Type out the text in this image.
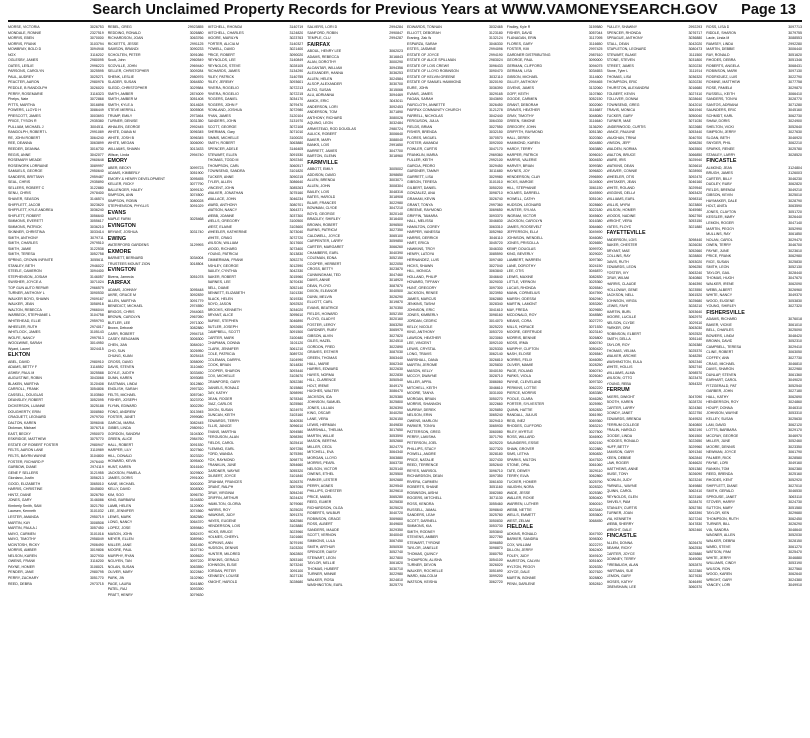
Search Unclaimed Property Records for Previous Years at WWW.VAMONEYSEARCH.GOV Page 13
MORSE, VICTORIA	3026753
MONDALE, RONNIE	2327519
MORRIS, EBEN	3070000
MORRIS, FRANK	3103794
MOWBRAY, BOLD D	3094948
NOX	3116202
OGLESBY, JAMES	2980095
OATES, LESLIE	2996223
PARSONS, CAROLYN	3025595
PAUL, AUDREY	3025271
PEACTER, AARON	2980976
PEDDLE, B RANDOLPH	3026020
PERRY, ROSEMARIE	3116323
Phelps, Nate	3072868
PITTS, MARTHA	3016898
POWERS, LLOYD H	3086449
PRESCOTT, JAMES	3003693
PRICE, TYSON R	2935380
PULLIAM, MICHAEL J	3004511
RANDOLPH, ROBERT L	2991089
RE, JOHN ROBERT	3064240
REE, DEANNA	3063899
REEDER, DEANNA	3016730
REGIS, ANNE	3042077
ROSEMARY MEADE	2960648
ROSEWORK LORRAINE	3089997
SAMUELS, GEORGE	2950640
SANDERS, BRITTANY	2959487
SEAL, CHRIS	2935890
SELLERS, ROBERT C	3122880
SENU, CHRIS	2978400
SHAVER, SEASON	3146574
SHIFFLETT, JACOB	3023620
SHIFFLETT, KYLE ANDREA	3036240
SHIFLETT, ROBERT	3056640
SIMMONS, EVERETT	3055617
SIMMONS, PATRICK	3036210
SKINNER, CHRISTINA	3033414
SMITH, ANTHONY	3079711
SMITH, CHARLES	2979510
SMITH, JAMIE	3122538
SMITH, TERESA	3052758
SPRING, CROWN INFINITE	3055611
STANLEY, BETH	2946022
STEELE, CAMERON	3094400
STEPHENSON, JOSIAH	3146057
SWISHER, JOYCE A	3071024
TOP GUN AUTO REPAIR	2966579
TURNER, ANTHONY L	3090530
WALKER BOYD, SHAWN	2909167
WALKER, JEAN	3058916
WALTON, REBECCA	2966044
WARBECK, STEPHANIE L	3104758
WHITEHEAD, ELLIE	2959793
WHEELER, RUTH	2974017
WHITLOCK, JAMES	3105143
WOLFE, NANCY	2997513
WOOLWINE, SARAH	3014950
Wyant, Laurel	3024415
ELKTON
ABEL, DAVID	2980910
ADAMS, BETTY F	3116552
ASHBY, PAUL M	3025588
AUGUSTINE, ROBIN	3043068
BLAKEN, MARTHA	3120408
CARROLL, FRANK	3054806
CASSELL, DOUGLAS	3103560
DEANSLEY, ROBERT	3052095
DICKERSON, LUANNE	3025188
DOUGHERTY, ERIN	3008560
CRAGUETT, LEONARD	2979700
DALTON, KAREN	3096046
Dickman, Michael	3076718
EAST, BECKY	2950070
ESKRIDGE, MATTHEW	3075770
ESTATE OF ROBERT FOSTER	2980947
FELTS, AARON LANE	3110989
FELTS, BAYRN WAYNE	3104800
FOSTER, RICHARD P	2976440
GARBOW, DIANE	2974119
GENE F SELLERS	3121955
Giordano, Justin	3056213
GOOD, ELIZABETH	3065010
HARRIS, CHRISTINE	3045800
HINTZ, DIANE	3026750
JONES, GARY	3146086
Kimberly Smith, SAM	3021750
Laursen, Kenneth	3101032
LESTER, AMANDA	2950719
MARTIN, KAY	3008508
MARTIN, PAULA J	3057450
MAYO, CARMEN	3101016
MAYO, TIMOTHY	2958049
MCINTOSH, RICKY	2906490
MORRIS, AMBER	3019806
NELSON, KAREN	3027930
OWENS, FRANK	3116200
PAYNE, HOMER	3108021
PENDER, JANE	2980795
PERRY, ZACHARY	3051770
REED, DEBRA	2973715
REBEL, GREG	29923855
REDDING, RONALD	3026880
RICHARDSON, JOAN	3063766
RICKETTS, JESSE	2991125
SAMSON, BRANDI	3090233
SCHOLTEN, PETER	3091086
Scott, John	2960549
SCOVILLE, JOHN	2969440
SELLER, CHRISTOPHER	3009284
SHENK, LESLIE	2980976
SLADER, SUSAN	3064830
SLEDD, CHRISTOPHER	3029584
SMITH, AMBER	2874009
SMITH, AMBER M	3051408
SMITH, KYLE A	3014628
STEVE MERRILL	3005508
TRUMP, EMILY	2973464
TURNER, DENISE	3031350
WHALEN, GEORGE	2992445
WHITE, DIANA M	3096345
WHITE, JOSH B	3096345
WHITE, MEGAN	3006090
WILLIAMS, SHAWN	3013433
Wilson, Linda	2994740
EMORY
ABER, BECKY	3099723
ADAMS, KIMBERLY	3051900
EMORY & HENRY DEVELOPMENT	3095455
KELLER, RICKY	3077790
BALLENGER, HALEY	3099130
SIMPSON, ANN	3074500
SIMPSON, ROBIN	3080028
STEPHENSON, PHYLLIS	3091029
EVANS
MAPLE FARM	3025468
EVINGTON
BRYANT, JOSHUA	3031740
EWING
WATERFORD GARDENS	3129993
EXMORE
BARNETT, BERNARD	3034004
TRUSTEES MOUNT ZION	3018504
EVINGTON
Bivens, Jamecia	3051078
FAIRFAX
ADAMS, JOHNNY	3095448
AKRE, GRACE M	3092839
ALLEN, MARTHA	3091779
BENEDICT, MICHAEL	2974550
BRIGGS, CHRIS	2944063
BROWN, CAROLYN	2967050
BUTLER, LEE	2971300
Brown, Deborah	3082880
CARR, ROBERT	2994718
CASEY, BENJAMIN	3006300
CHEN, JIAN	3084010
CHO, SUN	3026950
CHUNG, KUAN	3025418
CROSS, DAVID	3058090
DAVIS, STEVEN	3110460
DOYLE, JUDITH	3033450
DUNN, KAREN	3093085
EASTMAN, LINDA	3012860
ENGLISH, SARAH	2997320
FELTS, MICHAEL	3057040
FISHER, JOSEPH	3023700
FLYNN, EDWARD	3002250
FONG, ANDREW	3013945
FOSTER, JANET	2999080
GARCIA, MARIA	3082445
GIBBS, LINDA	2980910
GORDON, SANDRA	3104300
GREEN, ALICE	2984760
HALL, ROBERT	3091530
HARPER, LILY	3027560
HILL, DONALD	3023320
HOWARD, KEVIN	3095400
HUNT, KAREN	3016160
JACKSON, PAMELA	3029500
JAMES, DORIS	2991000
KANE, MICHAEL	3000200
KELLY, DAVID	3008300
KIM, SOO	3096730
KING, BARBARA	3104830
LAMB, HELEN	3120900
LEE, JENNIFER	3074560
LEWIS, MARK	3082580
LONG, NANCY	3064370
LOPEZ, JOSE	3059840
MASON, JOHN	3052470
MEYER, ELLEN	3089940
MILLER, JANE	3061450
MOORE, PAUL	3107740
MURPHY, RYAN	3005620
NGUYEN, TAN	3097220
NOLAN, SUSAN	3063550
OLIVER, MARY	3022840
PARK, JIN	3102960
PAGE, LAURA	3041880
PATEL, RAJ	3093390
PRATT, HENRY	3079630
MITCHELL, RHONDA	3140719
MITCHELL, CHARLES	3124820
MOORE, MARILYN	3023763
PORTER, ALICIA M	3140327
POWELL, DAVID	3021400
PRICE, ROBERT	3090020
REYNOLDS, LEE	3140849
REYNOLDS, STEVE	3028105
RICHARDS, JAMES	3134290
RILEY, PATRICK	3140755
RILEY, JEREMY	3093601
RIVERA, ROGELIO	3072213
RIVERA, ROGELIO	3072215
ROGERS, DANIEL	3034170
ROGERS, JOHN F	3079470
ROWLAND, JOSHUA	3072980
RYAN, JAMES	3120104
SANDERS, JOHN	3131970
SCOTT, GEORGE	3072108
SHERMAN, Gary	3071010
SIMMS, MICHELLE	3100020
SMITH, ROBERT	3063880
SPENCER, ADELE	3146405
STEWART, ELLEN	3091530
THOMAS, TODD M	3092340
THOMPSON, CARL	3060517
TOWNSEND, SANDRA	3101820
TUCKER, ANNE	3090215
TYLER, ALLEN	3086640
VINCENT, JOHN	3085263
WALKER, JONATHAN	3075160
WALLACE, JOHN	3046234
WARD, ANTHONY	3080701
WATSON, NANCY	3064371
WEBB, JOANNE	3037300
WELLS, GREGORY	3100500
WEST, ELAINE	3103600
WHEELER, KATHERINE	3073040
WHITE, CRAIG	3072720
WILSON, WILLIAM	3017600
WOOD, RICHARD	3073400
YOUNG, PATRICIA	3013830
ZIMMERMAN, FRANK	3052270
ASHLEY, GEORGE	3012590
BAILEY, CYNTHIA	3042330
BAKER, ROBERT	3015960
BARNES, LEE	3070430
BELL, DIANE	3052140
BENNETT, ELIZABETH	3101330
BLACK, HELEN	3019330
BOYD, JASON	3092520
BROOKS, KENNETH	3034020
BRYANT, ALICE	3095610
BURKE, STEPHEN	3046890
BUTLER, JOSEPH	3092650
CAMPBELL, SCOTT	3091500
CARTER, MARK	3100480
CHAPMAN, DONNA	3101120
CLARK, JENNIFER	3061210
COLE, PATRICIA	3089720
COLEMAN, DARRYL	3104990
COOK, BRIAN	3014830
COOPER, SHARON	3093440
COX, MICHELLE	3103670
CRAWFORD, GARY	3052280
DANIELS, RONALD	3015860
DAY, KATHY	3098990
DEAN, ROGER	3078340
DIAZ, CARLOS	3025560
DIXON, SUSAN	3024970
DUNCAN, KEITH	3103160
EDWARDS, TERRY	3040530
ELLIS, JANICE	3096610
EVANS, MARTHA	3094580
FERGUSON, ALAN	3098390
FIELDS, CAROL	3025410
FLEMING, EARL	3097250
FORD, WANDA	3075390
FOX, RAYMOND	3098770
FRANKLIN, JUNE	3054660
GARDNER, WAYNE	3055320
GILBERT, JOYCE	3101840
GRAHAM, FRANCES	3026370
GRANT, RALPH	3057050
GRAY, VIRGINIA	3054240
GRIFFIN, ARTHUR	3024420
HAMILTON, GLORIA	3079060
HARRIS, ROY	3025020
HAWKINS, JUDY	3091370
HAYES, EUGENE	3082580
HENDERSON, LOIS	3103880
HICKS, BRUCE	3023960
HOLMES, CHERYL	3101660
HOPKINS, ANN	3079190
HUDSON, DENNIS	3103200
HUNTER, MILDRED	3062800
JENKINS, GERALD	3053160
JOHNSON, ELSIE	3073240
JORDAN, PETER	3091100
KENNEDY, LOUISE	3027130
KNIGHT, HAROLD	3028680
SALVERS, LORI D	2994284
SANFORD, ROBIN	2990847
TEMPLE, CLU	2994287
FAIRFAX
ABOUL, HENRY LEE	3062023
ADAMS, REBECCA	3016843
ALAN, DOROTHY	3000290
ALCANTAR, WILLIAM	3094356
ALEXANDER, HANNA	3036253
ALLEN, HELEN	3024584
ALSOP, ALEXANDER	3030700
ALTIG, SUSAN	3015066
ALU, ADRIANNA	3094469
AMICK, ERIC	3043011
ANDERSON, LORI	3092453
ANDERSON, TOM	3071890
ANTHONY, RICHARD	3080026
AQUINO, LEON	3032484
ARMISTEAD, ROD DOUGLAS	2980724
AULICK, ROBERT	3006640
BAKER, MARY	3088040
BANKS, LOIS	2991650
BARRETT, JAMES	3047700
BARTON, GLENN	3018960
FARMVILLE
ABBOTT, EMILY	3005002
ADDISON, DAVID	3098650
ALLEN, BRENDA	3003071
ALLEN, JOHN	3008304
BAILEY, LOIS	3048316
BATES, HAROLD	3018908
BLAIR, FRANCES	3022980
BOWMAN, CLYDE	3047210
BOYD, GEORGE	3020140
BRADLEY, SHIRLEY	3016400
BROWN, ROBERT	3096500
BURNS, PATRICIA	3027350
CALDWELL, JOYCE	3065100
CARPENTER, LARRY	3059850
CARTER, MARGARET	3066260
CHAMBERS, EARL	3040390
COLEMAN, EDNA	3052150
COOPER, HERBERT	3022050
CROSS, BETTY	3023870
CUNNINGHAM, TED	3047460
DAVIS, ANNIE	3018920
DEAN, FLOYD	3087870
DIXON, ELEANOR	3040500
DUNN, MELVIN	3026290
ELLIOTT, CARL	3019870
EVANS, BEATRICE	3070350
FIELDS, HOWARD	3052150
FLOYD, GLADYS	3020160
FOSTER, LEROY	3063250
GARDNER, RUBY	3065970
GIBSON, ALVIN	3027820
GILES, HAZEL	3024510
GORDON, FRED	3022890
GRAVES, ESTHER	3087030
GREEN, THOMAS	3063440
HALL, MARIE	3062340
HARRIS, EDWARD	3022630
HAYES, NORMA	3022830
HILL, CLARENCE	3050540
HOLT, IRENE	3049170
HUGHES, WALTER	3086470
JACKSON, IDA	3025380
JOHNSON, SAMUEL	3025800
JONES, LILLIAN	3026390
KING, OSCAR	3040250
LANE, VERA	3026150
LEWIS, HERMAN	3049830
MARSHALL, THELMA	3017650
MARTIN, WILLIE	3053590
MASON, BERTHA	3052660
MILLER, CECIL	3024770
MITCHELL, EVA	3064340
MORGAN, LLOYD	3063880
MORRIS, PEARL	3063730
NELSON, VICTOR	3025140
OWENS, ETHEL	3025500
PARKER, LESTER	3092680
PERRY, AGNES	3029540
PHILLIPS, CHESTER	3029610
PRICE, MABEL	3065280
REED, ELMER	3025830
RICHARDSON, OLGA	3025020
ROBERTS, WILBUR	3040720
ROBINSON, GRACE	3069660
ROSS, ALBERT	3049600
SANDERS, MAUDE	3029350
SCOTT, VERNON	3040040
SIMMONS, LULA	3067450
SMITH, ARTHUR	3050530
SPENCER, DAISY	3052740
STEWART, LEON	3027800
TAYLOR, NELLIE	3061820
THOMAS, HUBERT	3030710
TURNER, MINNIE	3022980
WALKER, ROSA	3024810
WASHINGTON, EARL	3025770
EDWARDS, TONNAN	3032465
ELLIOTT, DEBORAH	3123180
Eraning, Zak W	3132124
ESPARZA, SARAH	3046330
ESTES, JASMINE	2994096
ESTATE OF JOYCE	2994190
ESTATE OF ALICE SPILLMAN	2983024
ESTATE OF LOIS CREWS	3096433
ESTATE OF LLOYD ROBINSON	3090470
ESTATE OF KELVIN GREENE	3032110
ESTATE OF SAMUEL HAMMOND	3020190
EURE, JOHN	3036390
EVANS, JAMES	3029165
FAGAN, SARAH	3043690
FAIRCLOTH, ANNETTE	3026450
FAIRFAX COMMUNITY CHURCH	3121278
FARRELL, NICHOLAS	3042440
FERGUSON, JULIA	3064330
FIELDS, BRIAN	3027550
FISHER, BRENDA	3032150
FLORES, MIGUEL	3070570
FOSTER, AMANDA	3092000
FOWLER, CURTIS	3047170
FRANKLIN, MARIA	2969360
FULLER, KEITH	2992100
GARCIA, PEDRO	3029450
GARDNER, TAMMY	3011680
GARRETT, LISA	3029980
GIBSON, TERESA	3101010
GILBERT, DANIEL	3050200
GONZALEZ, ANA	3098710
GRAHAM, KEVIN	3026740
GRANT, TONYA	2997360
GREENE, RAYMOND	3069650
GRIFFIN, TAMARA	3093370
HALL, MELISSA	3046830
HAMILTON, COREY	3063310
HARPER, VANESSA	3052960
HARRIS, DERRICK	3046110
HART, ERICA	3045720
HAWKINS, TROY	3046330
HENRY, LATOYA	3085590
HERNANDEZ, LUIS	3097480
HICKS, SHAWN	3027040
HILL, MONICA	3063840
HOLLAND, PHILIP	3046640
HOWARD, TIFFANY	3029030
HUNT, GREGORY	3097300
JACKSON, RENEE	3023950
JAMES, MARCUS	3062880
JENKINS, TASHA	3028340
JOHNSON, ERIC	3041610
JONES, KIMBERLY	3098160
JORDAN, CEDRIC	3014070
KELLY, NICOLE	3025220
KING, ANTHONY	3053720
LAWSON, HEATHER	3023060
LEE, VINCENT	3092100
LEWIS, CRYSTAL	3025330
LONG, TRAVIS	3062140
MARSHALL, DANA	3026810
MARTIN, JEROME	3025830
MASON, KELLY	3040150
MCCOY, DWAYNE	3028710
MILLER, APRIL	3086060
MITCHELL, KEITH	3046610
MOORE, TANYA	3031000
MORGAN, BRIAN	3050270
MORRIS, SHANNON	3022660
MURRAY, DEREK	3025850
NELSON, ERIN	3065240
OWENS, MARLON	3029410
PARKER, TONYA	3065930
PATTERSON, GREG	3060080
PERRY, LAKISHA	3071790
PETERSON, JOEL	3025220
PHILLIPS, STACY	3027320
POWELL, ANDRE	3028180
PRICE, NATALIE	3027430
REED, TERRENCE	3052640
REYES, MARISOL	3096710
RICHARDSON, DEAN	3097350
RIVERA, CARMEN	3061630
ROBERTS, SHANE	3051160
ROBINSON, AISHA	3082080
ROGERS, MITCHELL	3071130
ROSS, KENDRA	3055460
RUSSELL, JAMAL	3098640
SANDERS, LEAH	3025780
SCOTT, DARNELL	3050830
SIMMONS, KIA	3053730
SMITH, RODNEY	3053840
STEVENS, AMBER	3027780
STEWART, TYRONE	3096850
TAYLOR, JANELLE	3098870
THOMAS, QUINCY	3080750
THOMPSON, ALISHA	3054100
TURNER, DEVON	3026020
WALKER, ROCHELLE	3051690
WARD, MALCOLM	3099200
WATSON, KEISHA	3062720
Findley, Kyle R	3159580
FISHER, DAVID	3057044
FLANAGAN, ERIN	3117095
FLORES, GARY	3116650
FOSTER, KIM	2997425
GARDNER DISTRIBUTING	2987610
GEORGE, PAUL	3090000
GERMAN, CLIFFORD	3094075
GERMAN, LISA	3034653
GIBSON, MICHAEL	3114600
GILLEY, ANTHONY	2994465
GIVENS, JAMES	3132060
GOFF, KEITH	3107860
GOODE, CARMEN	3052150
GRANT, DEBORAH	3002060
GRAVES, HEATHER	3116687
GRAY, TIMOTHY	3048080
GREEN, SIMONE	3116640
GREGORY, JOHN	3136290
GRIFFITH, RAYMOND	3051380
HALL, DEREK	3020360
HAMMOND, KAREN	3004850
HARDY, TERRY	3063880
HARPER, PATRICK	3096010
HARRIS, VALERIE	3004630
HARVEY, BRIAN	3099380
HAYNES, JOY	3096820
HENDERSON, CLAY	2996590
HICKS, MARGIE	3104500
HILL, STEPHANIE	3061150
HOLMES, DARRELL	3045590
HOWELL, CATHY	3051040
HUDSON, LEONARD	3028660
HUNTER, SYLVIA	3022180
INGRAM, VICTOR	3045600
JACKSON, CAROLYN	3016380
JAMES, ROOSEVELT	3064660
JEFFERSON, ELLA	3049490
JOHNSON, WENDELL	3046080
JONES, PRISCILLA	3026650
KEMP, DOUGLAS	3099700
KING, BEVERLY	3029020
LAMBERT, WARREN	3097360
LANE, DOROTHY	3024150
LEE, OTIS	3046870
LEWIS, MAXINE	3082830
LITTLE, VERNON	3025360
LUCAS, RHONDA	3026540
MANN, CORNELIUS	3047590
MARSH, ODESSA	3062940
MARTIN, LAMONT	3053260
MAY, FREDA	3029650
MCDONALD, ROY	3048580
MEANS, CORA	3027270
MILLS, HORACE	3071530
MOORE, GERTRUDE	3023140
MORRIS, BENNIE	3026800
MOSS, IRMA	3060740
MURPHY, CLIFTON	3050420
NASH, ELOISE	3026540
NORRIS, FELIX	3046050
OLIVER, MAMIE	3028250
PAGE, ROLAND	3060740
PARKS, VIOLA	3026040
PAYNE, CLEVELAND	3097320
PERKINS, LOTTIE	3062220
PIERCE, MORRIS	3083380
POOLE, CLARA	3046280
PORTER, SYLVESTER	3025950
QUINN, HATTIE	3052830
RANDALL, JULIUS	3061950
REID, INEZ	3069360
RHODES, CLIFFORD	3063210
RILEY, MYRTLE	3027500
ROSS, WILLARD	3046900
SAUNDERS, ESSIE	3052150
SHAW, GROVER	3022880
SIMS, LETHA	3050830
SPARKS, MILTON	3047520
STONE, OPAL	3061060
TATE, DEWEY	3029110
TERRY, ELVA	3062860
TUCKER, HOMER	3025790
VAUGHN, NORA	3028320
WADE, JESSE	3025380
WALLER, ROXIE	3050400
WARREN, LUTHER	3060010
WEBB, NETTIE	3023440
WELLS, EMMETT	3053600
WEST, ZELMA	3068450
FIELDALE
ADKINS, RONALD	3047920
BARKER, SANDRA	3098300
COX, WILLIAM	3022270
DILLON, JERRY	3062400
FOLEY, JUDY	3049100
HAIRSTON, CALVIN	3051600
HYLTON, PEGGY	3026330
JOYCE, DALE	3027620
MARTIN, BONNIE	3028800
PENN, DARLENE	3052810
PULLEY, SHAWNY	2992293
SPENCER, RHONDA	3076717
SPRAGUE, ANTHONY	3036880
STALL, DEAN	3042020
STAPLETON, LEONARD	3080473
STEWART, BLAKE	3111500
STONE, STEVEN	3031800
STREET, JAMES	3020230
Stone, Tyler L	3111914
THOMAS, LISA	3036320
THOMPSON, ERIC	3020230
THURSTON, ALEXANDRA	3016680
TOLBERT, KEVIN	3027410
TOLLIVER, DONNA	3028640
TOWNSEND, GREG	3042010
TRAVIS, MONICA	3061940
TUCKER, GARY	3050040
TURNER, MAE	3071030
UNDERWOOD, CURTIS	3022680
VANCE, PAULINE	3053440
VAUGHAN, TRINA	3040700
VINSON, JEFF	3098250
WALDEN, NORMA	3063500
WALTON, BRUCE	3066850
WARE, IRIS	3025940
WATKINS, DEAN	3026610
WEAVER, CONNIE	3028900
WHEELER, OTIS	3092470
WHITAKER, JEAN	3046160
WHITE, ROLAND	3029540
WIGGINS, DELLA	3063420
WILLIAMS, EARL	3098310
WILLIS, MYRA	3023800
WILSON, HOMER	3045980
WOODS, NADINE	3062760
WRIGHT, VERA	3053150
YATES, FLOYD	3021880
FAYETTEVILLE
ANDERSON, LOIS	3098440
BAKER, CHESTER	3026030
BRYANT, MAE	3052660
COLLINS, RAY	3028800
DAVIS, RUTH	3053020
EDWARDS, LEON	3096250
FOSTER, IVY	3063240
GRAY, WILMA	3040860
HARRIS, CLAUDE	3046390
HOLLOWAY, GENE	3023550
JACKSON, NELL	3061520
JOHNSON, VIRGIL	3025680
LEWIS, FAYE	3028210
MARTIN, BURL	3053640
MOORE, LUCILLE	3062970
NELSON, CLYDE	3029110
PARKER, ORA	3063030
ROBINSON, ELBERT	3092520
SMITH, DELLA	3051140
TAYLOR, ROY	3026380
THOMAS, VELMA	3025370
WALKER, ARCHIE	3048250
WASHINGTON, EULA	3052340
WHITE, HOLLIS	3052740
WILLIAMS, ALMA	3098570
WILSON, OTTO	3023470
YOUNG, REBA	3054320
FERRUM
AKERS, DWIGHT	3047090
BOOTH, KAREN	3028720
CARTER, LARRY	3024360
DOWDY, JANET	3022750
EDWARDS, BRENDA	3049520
FERRUM COLLEGE	3040800
FRALIN, HAROLD	3052190
GOODE, LINDA	3061500
HODGES, RONALD	3022650
HUFF, BETTY	3029960
JAMISON, GARY	3091340
KEEN, DEBBIE	3062840
LAW, ROGER	3046620
MATTHEWS, ANNE	3051380
MUSE, TONY	3026090
NOWLIN, JUDY	3023240
PARNELL, WAYNE	3049880
QUINN, CAROL	3062410
REYNOLDS, GLEN	3023160
SHIVELY, PAM	3028470
STANLEY, CURTIS	3052780
TURNER, JOAN	3063390
VIA, KENNETH	3027240
WEBB, SHERRY	3047830
WRIGHT, DALE	3052460
FINCASTLE
ALLEN, DONNA	3026470
BEAHM, RICKY	3062530
CARTER, JOYCE	3025880
DOWNEY, TERRY	3049050
FIREBAUGH, ALAN	3052870
HARTMAN, SUE	3022380
LEMON, GARY	3027630
MOSES, KATHY	3046490
OBENSHAIN, LEE	3060370
ROSS, LISA D	3097713
RIDDLE, SHARON	3079755
Lacie, Linda M	3088553
RAMSEY, LINDA	2992280
MARTIN, DEBBIE	3006440
RAY, RONALD	3051620
RHODES, DEBRA	3051346
ROBERTS, ANGELA	3068431
ROBINSON, MARK	3097130
RODRIGUEZ, LUIS	3022790
ROMINE, MATTHEW	3077758
ROSE, PAMELA	3029870
RUSSELL, KEITH	3066410
SANDERS, TONYA	3028770
SANTOS, ADRIANA	3071280
SAUNDERS, ERIC	3045160
SCHMIDT, KARL	3062730
SHAW, DORIS	3024900
SHELTON, VICKI	3052640
SIMPSON, JERRY	3027630
SLOAN, BETH	3046920
SNYDER, PHIL	3062210
SPARKS, RENEE	3025780
STANLEY, LARRY	3028520
FINCASTLE
ALMOND, JEAN	3124804
BRUGH, JAMES	3126003
CARTER, BILLY	3046230
DUDLEY, RUBY	3062820
FIELDS, BRENDA	3049210
GIBSON, KEVIN	3025010
HAYMAKER, DALE	3028790
HOLT, ANITA	3063590
JONES, CLAYTON	3051720
KESSLER, MARY	3026440
LEMON, ROGER	3047140
MARTIN, PEGGY	3052990
MULLINS, RAY	3061850
NOLAN, CAROL	3029470
OWEN, TERRY	3046700
PAYNE, JUNE	3023610
PRICE, FRANK	3062980
RICE, SUSAN	3025830
SMITH, LEON	3052130
TAYLOR, GAIL	3028440
THOMAS, HUGH	3047670
WALKER, IRENE	3062090
WEBB, ALBERT	3026960
WHITE, NANCY	3049370
WOOD, EUGENE	3053830
YOUNG, SHIRLEY	3027320
FISHERSVILLE
ADAMS, RICHARD	3076018
BAKER, VICKIE	3061010
BELL, CHARLES	3025090
BOWERS, LINDA	3048420
BROWN, DAVID	3052310
CAMPBELL, TERESA	3029410
CLINE, ROBERT	3063050
COFFEY, ANN	3027730
CRAIG, MICHAEL	3046810
DAVIS, SHARON	3022980
DUNLAP, STEVEN	3061360
EARHART, CAROL	3049020
FITZGERALD, PAT	3052540
GARBER, JOHN	3027180
HALL, KATHY	3062690
HENDERSON, ROY	3024860
HOUFF, DONNA	3046310
JOHNSON, WAYNE	3053310
KELLEY, SUSAN	3025630
LAM, DAVID	3062120
LOTTS, BARBARA	3029170
MCCRAY, GEORGE	3046970
MILLER, JUNE	3052460
MOORE, DENNIS	3023350
NEWMAN, JOYCE	3061790
PALMER, RICK	3028580
PAYNE, LORI	3049160
RANKIN, TOM	3062380
REED, BRENDA	3025160
RHODES, KENT	3052920
SHIFFLETT, DIANE	3027010
SMITH, GERALD	3046530
SPROUSE, JANET	3063110
STOVER, HARRY	3024730
SUTTON, MARY	3051580
TAYLOR, KEN	3029680
THOMPSON, RUTH	3062450
TURNER, BILL	3026290
VIA, SANDRA	3048640
WAGNER, ALLEN	3052030
WALKER, DEBRA	3028150
WARD, STEVE	3061270
WATSON, PAM	3025470
WHITE, JERRY	3046880
WILLIAMS, CINDY	3053190
WILSON, RON	3027560
WOOD, KAREN	3062640
WRIGHT, GARY	3024380
YANCEY, LORI	3049910
